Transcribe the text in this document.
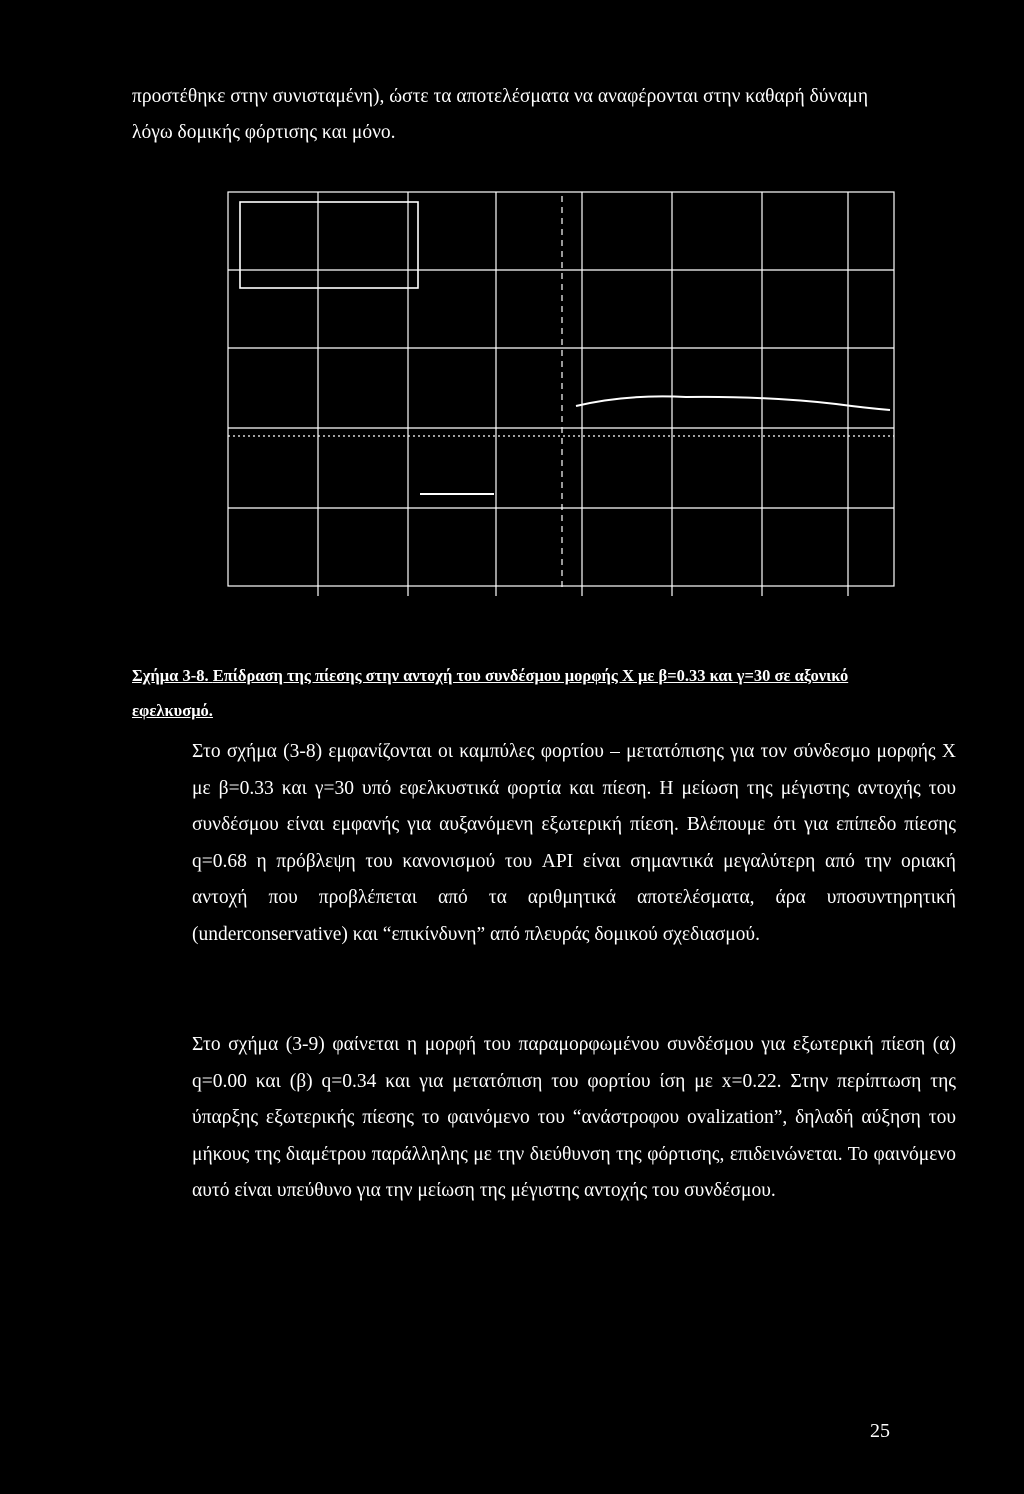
προστέθηκε στην συνισταμένη), ώστε τα αποτελέσματα να αναφέρονται στην καθαρή δύναμη λόγω δομικής φόρτισης και μόνο.

Σχήμα 3-8. Επίδραση της πίεσης στην αντοχή του συνδέσμου μορφής X με β=0.33 και γ=30 σε αξονικό εφελκυσμό.

Στο σχήμα (3-8) εμφανίζονται οι καμπύλες φορτίου – μετατόπισης για τον σύνδεσμο μορφής X με β=0.33 και γ=30 υπό εφελκυστικά φορτία και πίεση. Η μείωση της μέγιστης αντοχής του συνδέσμου είναι εμφανής για αυξανόμενη εξωτερική πίεση. Βλέπουμε ότι για επίπεδο πίεσης q=0.68 η πρόβλεψη του κανονισμού του API είναι σημαντικά μεγαλύτερη από την οριακή αντοχή που προβλέπεται από τα αριθμητικά αποτελέσματα, άρα υποσυντηρητική (underconservative) και “επικίνδυνη” από πλευράς δομικού σχεδιασμού.

Στο σχήμα (3-9) φαίνεται η μορφή του παραμορφωμένου συνδέσμου για εξωτερική πίεση (α) q=0.00 και (β) q=0.34 και για μετατόπιση του φορτίου ίση με x=0.22. Στην περίπτωση της ύπαρξης εξωτερικής πίεσης το φαινόμενο του “ανάστροφου ovalization”, δηλαδή αύξηση του μήκους της διαμέτρου παράλληλης με την διεύθυνση της φόρτισης, επιδεινώνεται. Το φαινόμενο αυτό είναι υπεύθυνο για την μείωση της μέγιστης αντοχής του συνδέσμου.

25
